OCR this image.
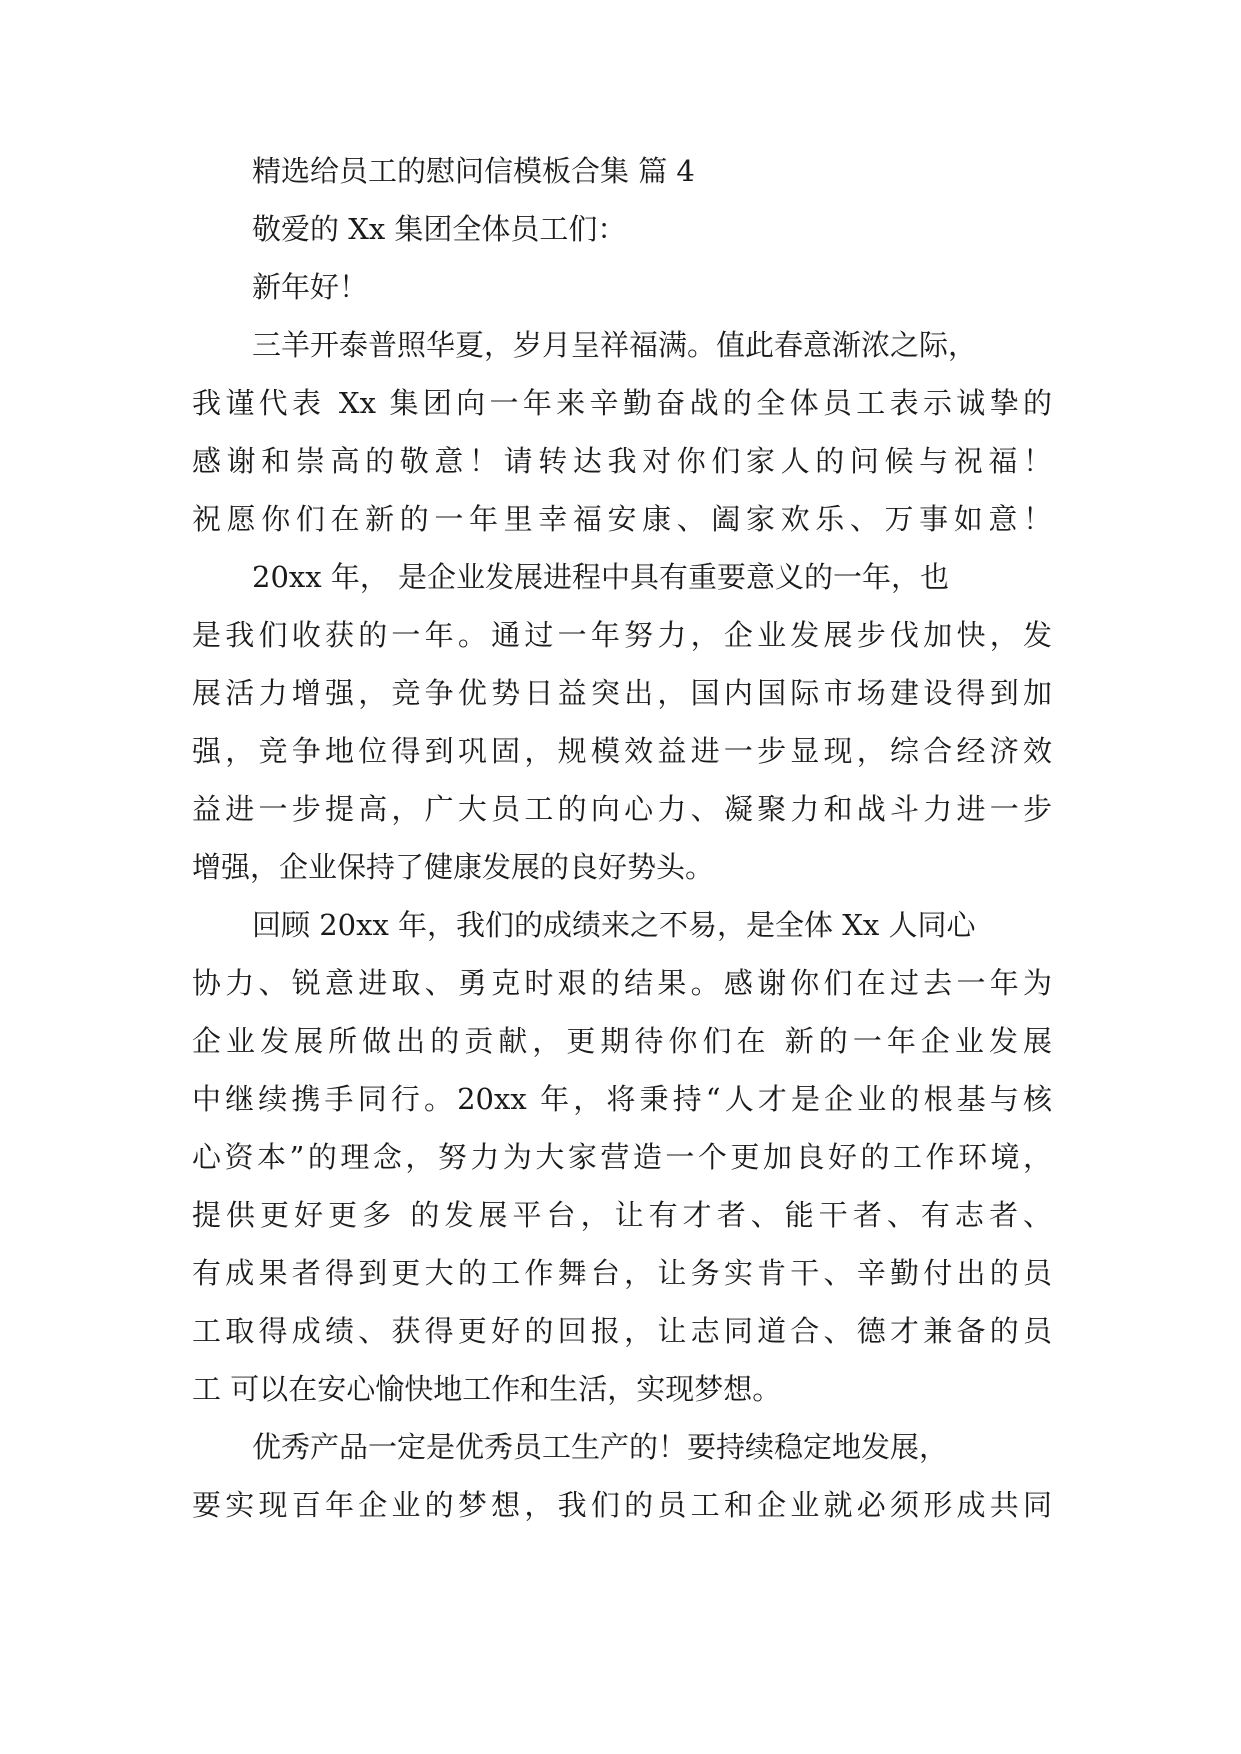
精选给员工的慰问信模板合集 篇 4
敬爱的 Xx 集团全体员工们：
新年好！
三羊开泰普照华夏，岁月呈祥福满。值此春意渐浓之际，
我谨代表 Xx 集团向一年来辛勤奋战的全体员工表示诚挚的
感谢和崇高的敬意！请转达我对你们家人的问候与祝福！
祝愿你们在新的一年里幸福安康、阖家欢乐、万事如意！
20xx 年， 是企业发展进程中具有重要意义的一年，也
是我们收获的一年。通过一年努力，企业发展步伐加快，发
展活力增强，竞争优势日益突出，国内国际市场建设得到加
强，竞争地位得到巩固，规模效益进一步显现，综合经济效
益进一步提高，广大员工的向心力、凝聚力和战斗力进一步
增强，企业保持了健康发展的良好势头。
回顾 20xx 年，我们的成绩来之不易，是全体 Xx 人同心
协力、锐意进取、勇克时艰的结果。感谢你们在过去一年为
企业发展所做出的贡献，更期待你们在 新的一年企业发展
中继续携手同行。20xx 年，将秉持“人才是企业的根基与核
心资本”的理念，努力为大家营造一个更加良好的工作环境，
提供更好更多 的发展平台，让有才者、能干者、有志者、
有成果者得到更大的工作舞台，让务实肯干、辛勤付出的员
工取得成绩、获得更好的回报，让志同道合、德才兼备的员
工 可以在安心愉快地工作和生活，实现梦想。
优秀产品一定是优秀员工生产的！要持续稳定地发展，
要实现百年企业的梦想，我们的员工和企业就必须形成共同
